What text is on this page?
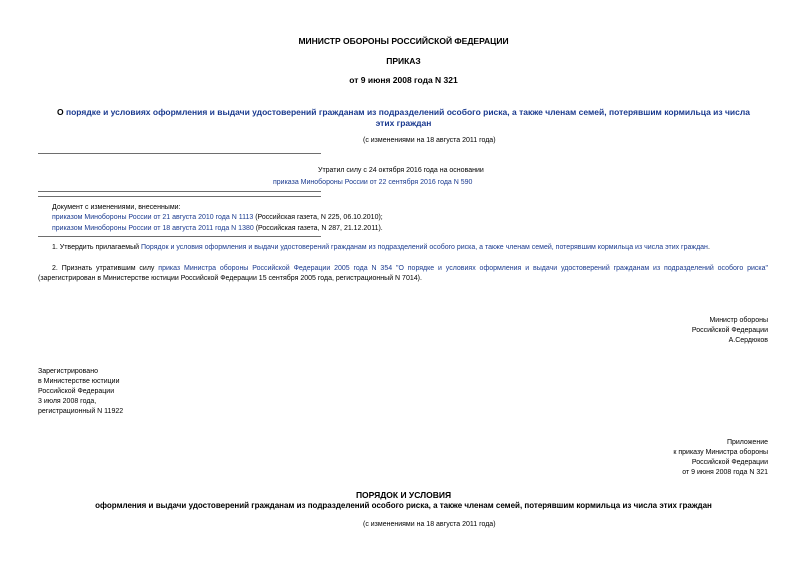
МИНИСТР ОБОРОНЫ РОССИЙСКОЙ ФЕДЕРАЦИИ
ПРИКАЗ
от 9 июня 2008 года N 321
О порядке и условиях оформления и выдачи удостоверений гражданам из подразделений особого риска, а также членам семей, потерявшим кормильца из числа
этих граждан
(с изменениями на 18 августа 2011 года)
Утратил силу с 24 октября 2016 года на основании
приказа Минобороны России от 22 сентября 2016 года N 590
Документ с изменениями, внесенными:
приказом Минобороны России от 21 августа 2010 года N 1113 (Российская газета, N 225, 06.10.2010);
приказом Минобороны России от 18 августа 2011 года N 1380 (Российская газета, N 287, 21.12.2011).
1. Утвердить прилагаемый Порядок и условия оформления и выдачи удостоверений гражданам из подразделений особого риска, а также членам семей, потерявшим кормильца из числа этих граждан.
2. Признать утратившим силу приказ Министра обороны Российской Федерации 2005 года N 354 "О порядке и условиях оформления и выдачи удостоверений гражданам из подразделений особого риска"
(зарегистрирован в Министерстве юстиции Российской Федерации 15 сентября 2005 года, регистрационный N 7014).
Министр обороны
Российской Федерации
А.Сердюков
Зарегистрировано
в Министерстве юстиции
Российской Федерации
3 июля 2008 года,
регистрационный N 11922
Приложение
к приказу Министра обороны
Российской Федерации
от 9 июня 2008 года N 321
ПОРЯДОК И УСЛОВИЯ
оформления и выдачи удостоверений гражданам из подразделений особого риска, а также членам семей, потерявшим кормильца из числа этих граждан
(с изменениями на 18 августа 2011 года)
